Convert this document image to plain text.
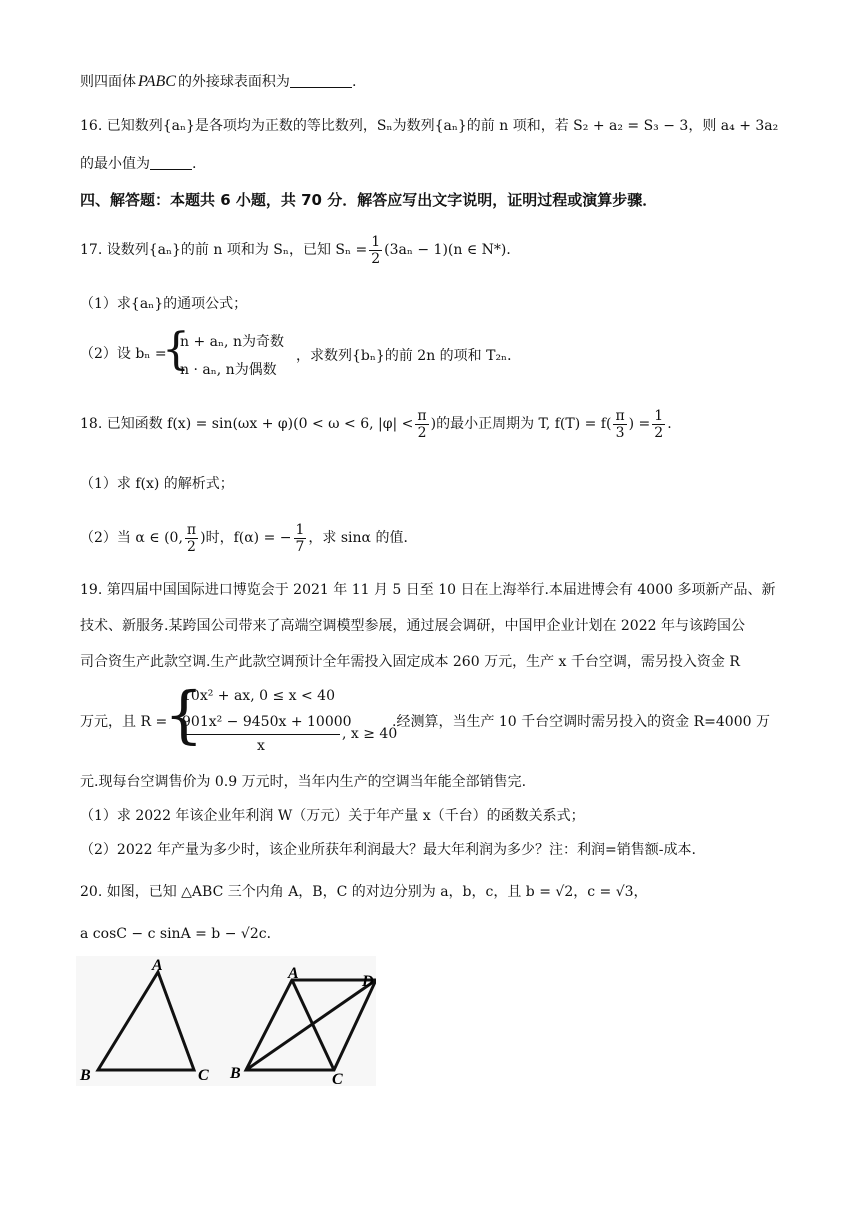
则四面体 PABC 的外接球表面积为	.
16. 已知数列{aₙ}是各项均为正数的等比数列，Sₙ为数列{aₙ}的前 n 项和，若 S₂ + a₂ = S₃ − 3，则 a₄ + 3a₂
的最小值为	.
四、解答题：本题共 6 小题，共 70 分．解答应写出文字说明，证明过程或演算步骤．
17. 设数列{aₙ}的前 n 项和为 Sₙ，已知 $S_n = \frac{1}{2} (3a_n - 1)(n$ ∈ N*)．
（1）求{aₙ}的通项公式；
（2）设 bₙ =
{
n + aₙ, n为奇数
n · aₙ, n为偶数
，求数列{bₙ}的前 2n 的项和 T₂ₙ．
18. 已知函数 f(x) = sin(ωx + φ)(0 < ω < 6, $|\varphi| < \frac{\pi}{2}$ )的最小正周期为 T, $f(T) = f( \frac{\pi}{3}$ ) = $\frac{1}{2}$ .
（1）求 f(x) 的解析式；
（2）当 α ∈ (0, $\frac{\pi}{2}$ )时，f(α) = − $\frac{1}{7}$ ，求 sinα 的值．
19. 第四届中国国际进口博览会于 2021 年 11 月 5 日至 10 日在上海举行.本届进博会有 4000 多项新产品、新
技术、新服务.某跨国公司带来了高端空调模型参展，通过展会调研，中国甲企业计划在 2022 年与该跨国公
司合资生产此款空调.生产此款空调预计全年需投入固定成本 260 万元，生产 x 千台空调，需另投入资金 R
万元，且 R =
{
10x² + ax, 0 ≤ x < 40
901x² − 9450x + 10000
x
, x ≥ 40
.经测算，当生产 10 千台空调时需另投入的资金 R=4000 万
元.现每台空调售价为 0.9 万元时，当年内生产的空调当年能全部销售完.
（1）求 2022 年该企业年利润 W（万元）关于年产量 x（千台）的函数关系式；
（2）2022 年产量为多少时，该企业所获年利润最大？最大年利润为多少？注：利润=销售额-成本.
20. 如图，已知 △ABC 三个内角 A，B，C 的对边分别为 a，b，c，且 b = √2，c = √3，
a cosC − c sinA = b − √2c．
A
B	C
A	D
B	C
